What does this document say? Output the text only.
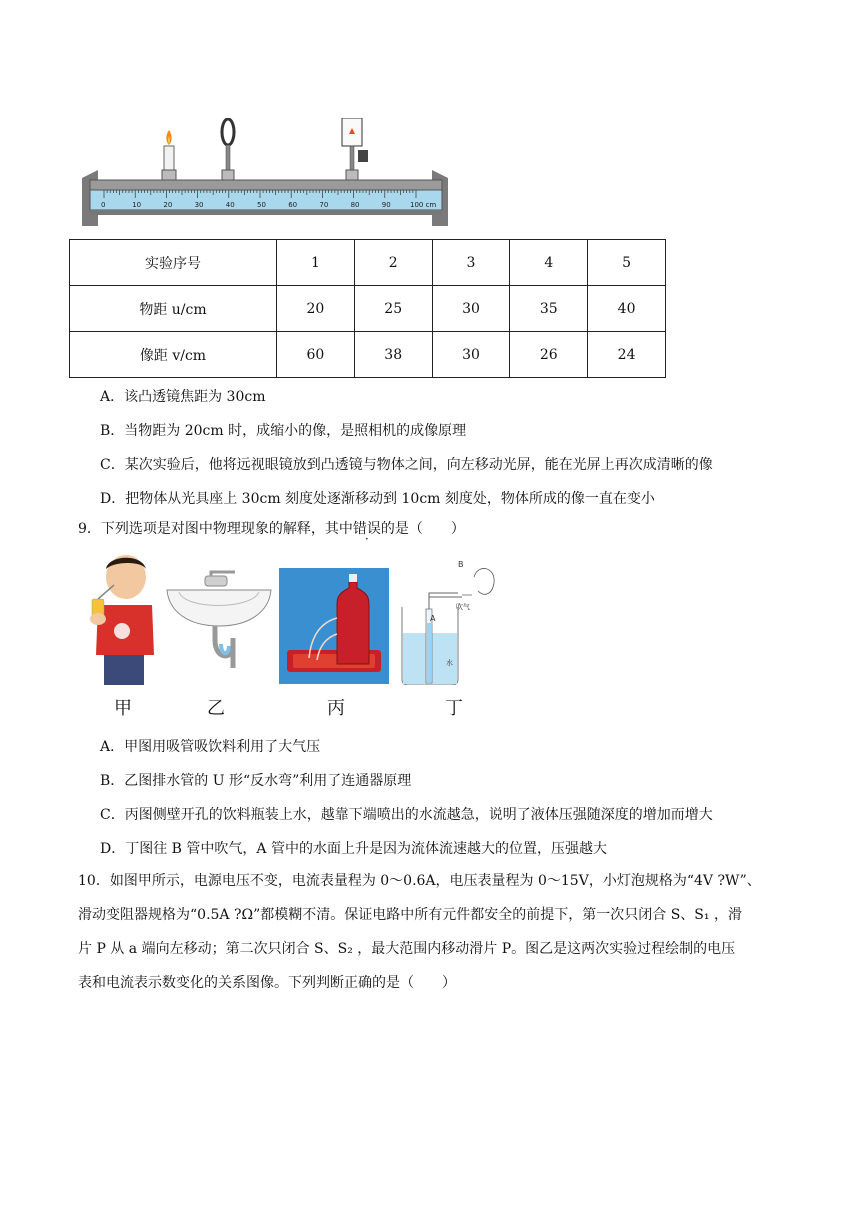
0	10	20	30	40	50	60	70	80	90	100 cm
实验序号	1	2	3	4	5
物距 u/cm	20	25	30	35	40
像距 v/cm	60	38	30	26	24
A．该凸透镜焦距为 30cm
B．当物距为 20cm 时，成缩小的像，是照相机的成像原理
C．某次实验后，他将远视眼镜放到凸透镜与物体之间，向左移动光屏，能在光屏上再次成清晰的像
D．把物体从光具座上 30cm 刻度处逐渐移动到 10cm 刻度处，物体所成的像一直在变小
9．下列选项是对图中物理现象的解释，其中错误的是（　　）
B
A
吹气
水
甲	乙	丙	丁
A．甲图用吸管吸饮料利用了大气压
B．乙图排水管的 U 形“反水弯”利用了连通器原理
C．丙图侧壁开孔的饮料瓶装上水，越靠下端喷出的水流越急，说明了液体压强随深度的增加而增大
D．丁图往 B 管中吹气，A 管中的水面上升是因为流体流速越大的位置，压强越大
10．如图甲所示，电源电压不变，电流表量程为 0～0.6A，电压表量程为 0～15V，小灯泡规格为“4V ?W”、
滑动变阻器规格为“0.5A ?Ω”都模糊不清。保证电路中所有元件都安全的前提下，第一次只闭合 S、S₁ ，滑
片 P 从 a 端向左移动；第二次只闭合 S、S₂ ，最大范围内移动滑片 P。图乙是这两次实验过程绘制的电压
表和电流表示数变化的关系图像。下列判断正确的是（　　）
